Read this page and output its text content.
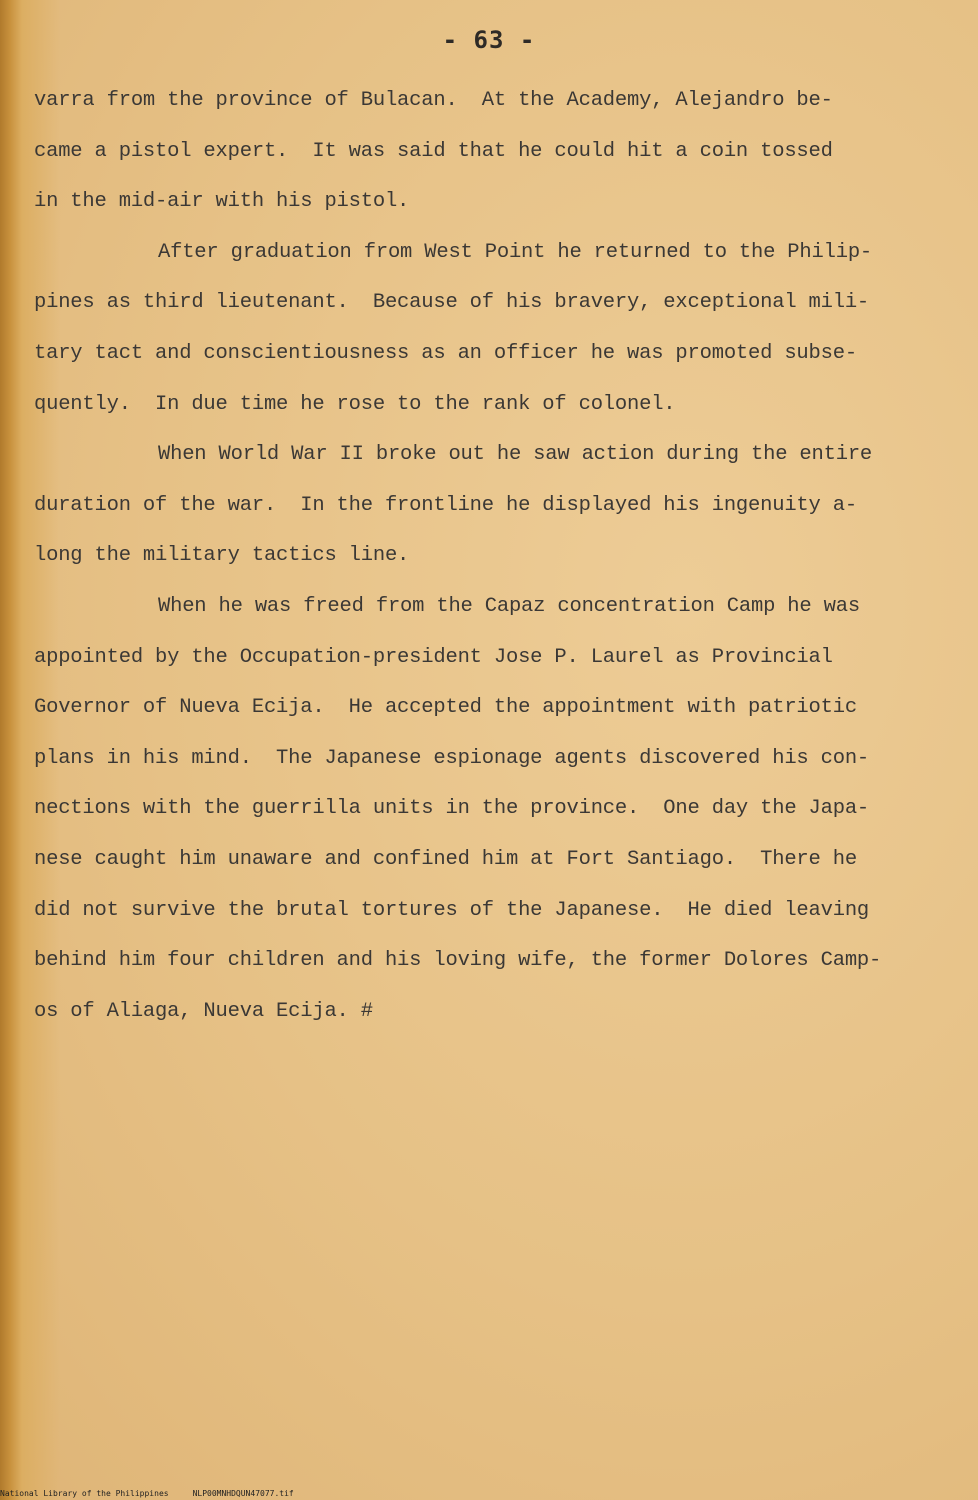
- 63 -
varra from the province of Bulacan.  At the Academy, Alejandro be-
came a pistol expert.  It was said that he could hit a coin tossed
in the mid-air with his pistol.
After graduation from West Point he returned to the Philip-
pines as third lieutenant.  Because of his bravery, exceptional mili-
tary tact and conscientiousness as an officer he was promoted subse-
quently.  In due time he rose to the rank of colonel.
When World War II broke out he saw action during the entire
duration of the war.  In the frontline he displayed his ingenuity a-
long the military tactics line.
When he was freed from the Capaz concentration Camp he was
appointed by the Occupation-president Jose P. Laurel as Provincial
Governor of Nueva Ecija.  He accepted the appointment with patriotic
plans in his mind.  The Japanese espionage agents discovered his con-
nections with the guerrilla units in the province.  One day the Japa-
nese caught him unaware and confined him at Fort Santiago.  There he
did not survive the brutal tortures of the Japanese.  He died leaving
behind him four children and his loving wife, the former Dolores Camp-
os of Aliaga, Nueva Ecija. #
National Library of the Philippines	NLP00MNHDQUN47077.tif
